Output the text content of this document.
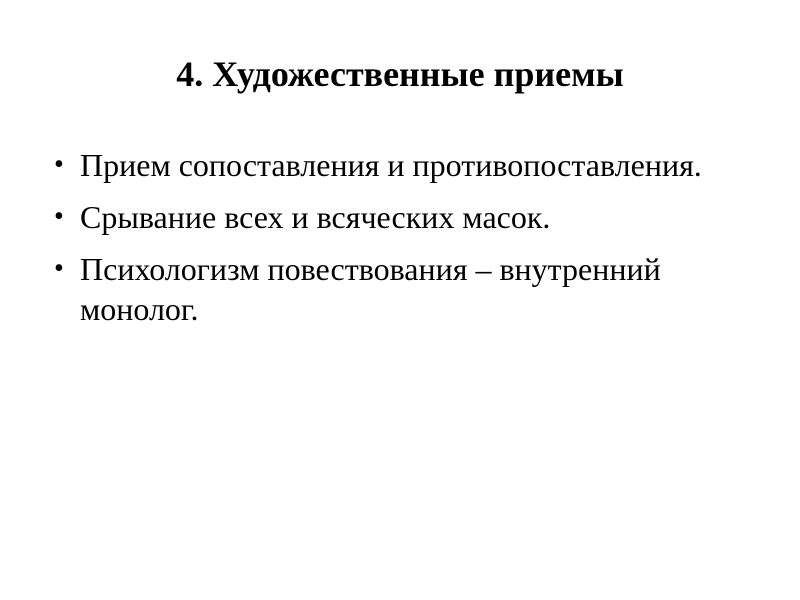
4. Художественные приемы
• Прием сопоставления и противопоставления.
• Срывание всех и всяческих масок.
• Психологизм повествования – внутренний монолог.
